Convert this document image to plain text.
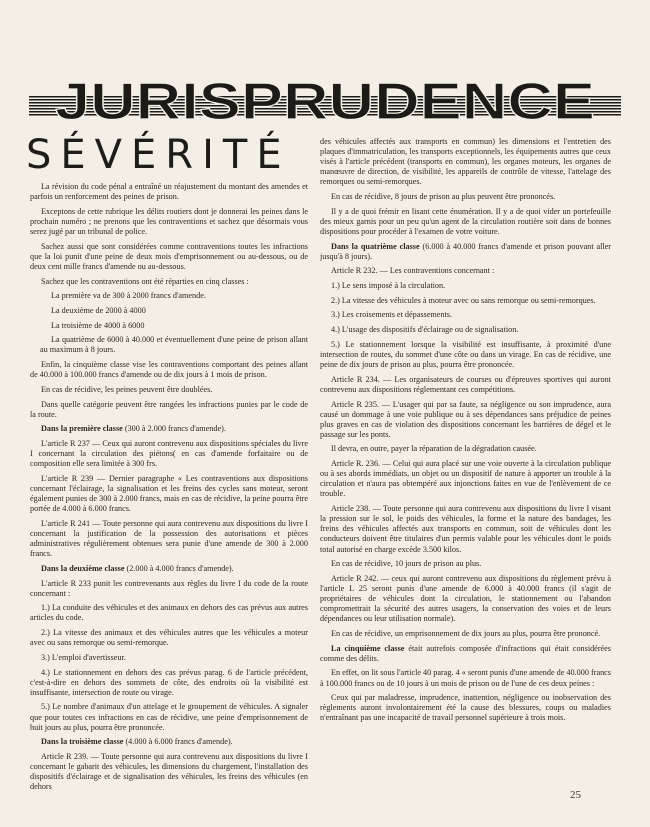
JURISPRUDENCE
SÉVÉRITÉ

La révision du code pénal a entraîné un réajustement du montant des amendes et parfois un renforcement des peines de prison.

Exceptons de cette rubrique les délits routiers dont je donnerai les peines dans le prochain numéro ; ne prenons que les contraventions et sachez que désormais vous serez jugé par un tribunal de police.

Sachez aussi que sont considérées comme contraventions toutes les infractions que la loi punit d'une peine de deux mois d'emprisonnement ou au-dessous, ou de deux cent mille francs d'amende ou au-dessous.

Sachez que les contraventions ont été réparties en cinq classes :

La première va de 300 à 2000 francs d'amende.

La deuxième de 2000 à 4000

La troisième de 4000 à 6000

La quatrième de 6000 à 40.000 et éventuellement d'une peine de prison allant au maximum à 8 jours.

Enfin, la cinquième classe vise les contraventions comportant des peines allant de 40.000 à 100.000 francs d'amende ou de dix jours à 1 mois de prison.

En cas de récidive, les peines peuvent être doublées.

Dans quelle catégorie peuvent être rangées les infractions punies par le code de la route.

Dans la première classe (300 à 2.000 francs d'amende).

L'article R 237 — Ceux qui auront contrevenu aux dispositions spéciales du livre I concernant la circulation des piétons( en cas d'amende forfaitaire ou de composition elle sera limitée à 300 frs.

L'article R 239 — Dernier paragraphe « Les contraventions aux dispositions concernant l'éclairage, la signalisation et les freins des cycles sans moteur, seront également punies de 300 à 2.000 francs, mais en cas de récidive, la peine pourra être portée de 4.000 à 6.000 francs.

L'article R 241 — Toute personne qui aura contrevenu aux dispositions du livre I concernant la justification de la possession des autorisations et pièces administratives régulièrement obtenues sera punie d'une amende de 300 à 2.000 francs.

Dans la deuxième classe (2.000 à 4.000 francs d'amende).

L'article R 233 punit les contrevenants aux règles du livre I du code de la route concernant :

1.) La conduite des véhicules et des animaux en dehors des cas prévus aux autres articles du code.

2.) La vitesse des animaux et des véhicules autres que les véhicules a moteur avec ou sans remorque ou semi-remorque.

3.) L'emploi d'avertisseur.

4.) Le stationnement en dehors des cas prévus parag. 6 de l'article précédent, c'est-à-dire en dehors des sommets de côte, des endroits où la visibilité est insuffisante, intersection de route ou virage.

5.) Le nombre d'animaux d'un attelage et le groupement de véhicules. A signaler que pour toutes ces infractions en cas de récidive, une peine d'emprisonnement de huit jours au plus, pourra être prononcée.

Dans la troisième classe (4.000 à 6.000 francs d'amende).

Article R 239. — Toute personne qui aura contrevenu aux dispositions du livre I concernant le gabarit des véhicules, les dimensions du chargement, l'installation des dispositifs d'éclairage et de signalisation des véhicules, les freins des véhicules (en dehors

des véhicules affectés aux transports en commun) les dimensions et l'entretien des plaques d'immatriculation, les transports exceptionnels, les équipements autres que ceux visés à l'article précédent (transports en commun), les organes moteurs, les organes de manœuvre de direction, de visibilité, les appareils de contrôle de vitesse, l'attelage des remorques ou semi-remorques.

En cas de récidive, 8 jours de prison au plus peuvent être prononcés.

Il y a de quoi frémir en lisant cette énumération. Il y a de quoi vider un portefeuille des mieux garnis pour un peu qu'un agent de la circulation routière soit dans de bonnes dispositions pour procéder à l'examen de votre voiture.

Dans la quatrième classe (6.000 à 40.000 francs d'amende et prison pouvant aller jusqu'à 8 jours).

Article R 232. — Les contraventions concernant :

1.) Le sens imposé à la circulation.

2.) La vitesse des véhicules à moteur avec ou sans remorque ou semi-remorques.

3.) Les croisements et dépassements.

4.) L'usage des dispositifs d'éclairage ou de signalisation.

5.) Le stationnement lorsque la visibilité est insuffisante, à proximité d'une intersection de routes, du sommet d'une côte ou dans un virage. En cas de récidive, une peine de dix jours de prison au plus, pourra être prononcée.

Article R 234. — Les organisateurs de courses ou d'épreuves sportives qui auront contrevenu aux dispositions réglementant ces compétitions.

Article R 235. — L'usager qui par sa faute, sa négligence ou son imprudence, aura causé un dommage à une voie publique ou à ses dépendances sans préjudice de peines plus graves en cas de violation des dispositions concernant les barrières de dégel et le passage sur les ponts.

Il devra, en outre, payer la réparation de la dégradation causée.

Article R. 236. — Celui qui aura placé sur une voie ouverte à la circulation publique ou à ses abords immédiats, un objet ou un dispositif de nature à apporter un trouble à la circulation et n'aura pas obtempéré aux injonctions faites en vue de l'enlèvement de ce trouble.

Article 238. — Toute personne qui aura contrevenu aux dispositions du livre I visant la pression sur le sol, le poids des véhicules, la forme et la nature des bandages, les freins des véhicules affectés aux transports en commun, soit de véhicules dont les conducteurs doivent être titulaires d'un permis valable pour les véhicules dont le poids total autorisé en charge excède 3.500 kilos.

En cas de récidive, 10 jours de prison au plus.

Article R 242. — ceux qui auront contrevenu aux dispositions du règlement prévu à l'article L 25 seront punis d'une amende de 6.000 à 40.000 francs (il s'agit de propriétaires de véhicules dont la circulation, le stationnement ou l'abandon compromettrait la sécurité des autres usagers, la conservation des voies et de leurs dépendances ou leur utilisation normale).

En cas de récidive, un emprisonnement de dix jours au plus, pourra être prononcé.

La cinquième classe était autrefois composée d'infractions qui était considérées comme des délits.

En effet, on lit sous l'article 40 parag. 4 « seront punis d'une amende de 40.000 francs à 100.000 francs ou de 10 jours à un mois de prison ou de l'une de ces deux peines :

Ceux qui par maladresse, imprudence, inattention, négligence ou inobservation des règlements auront involontairement été la cause des blessures, coups ou maladies n'entraînant pas une incapacité de travail personnel supérieure à trois mois.

25
